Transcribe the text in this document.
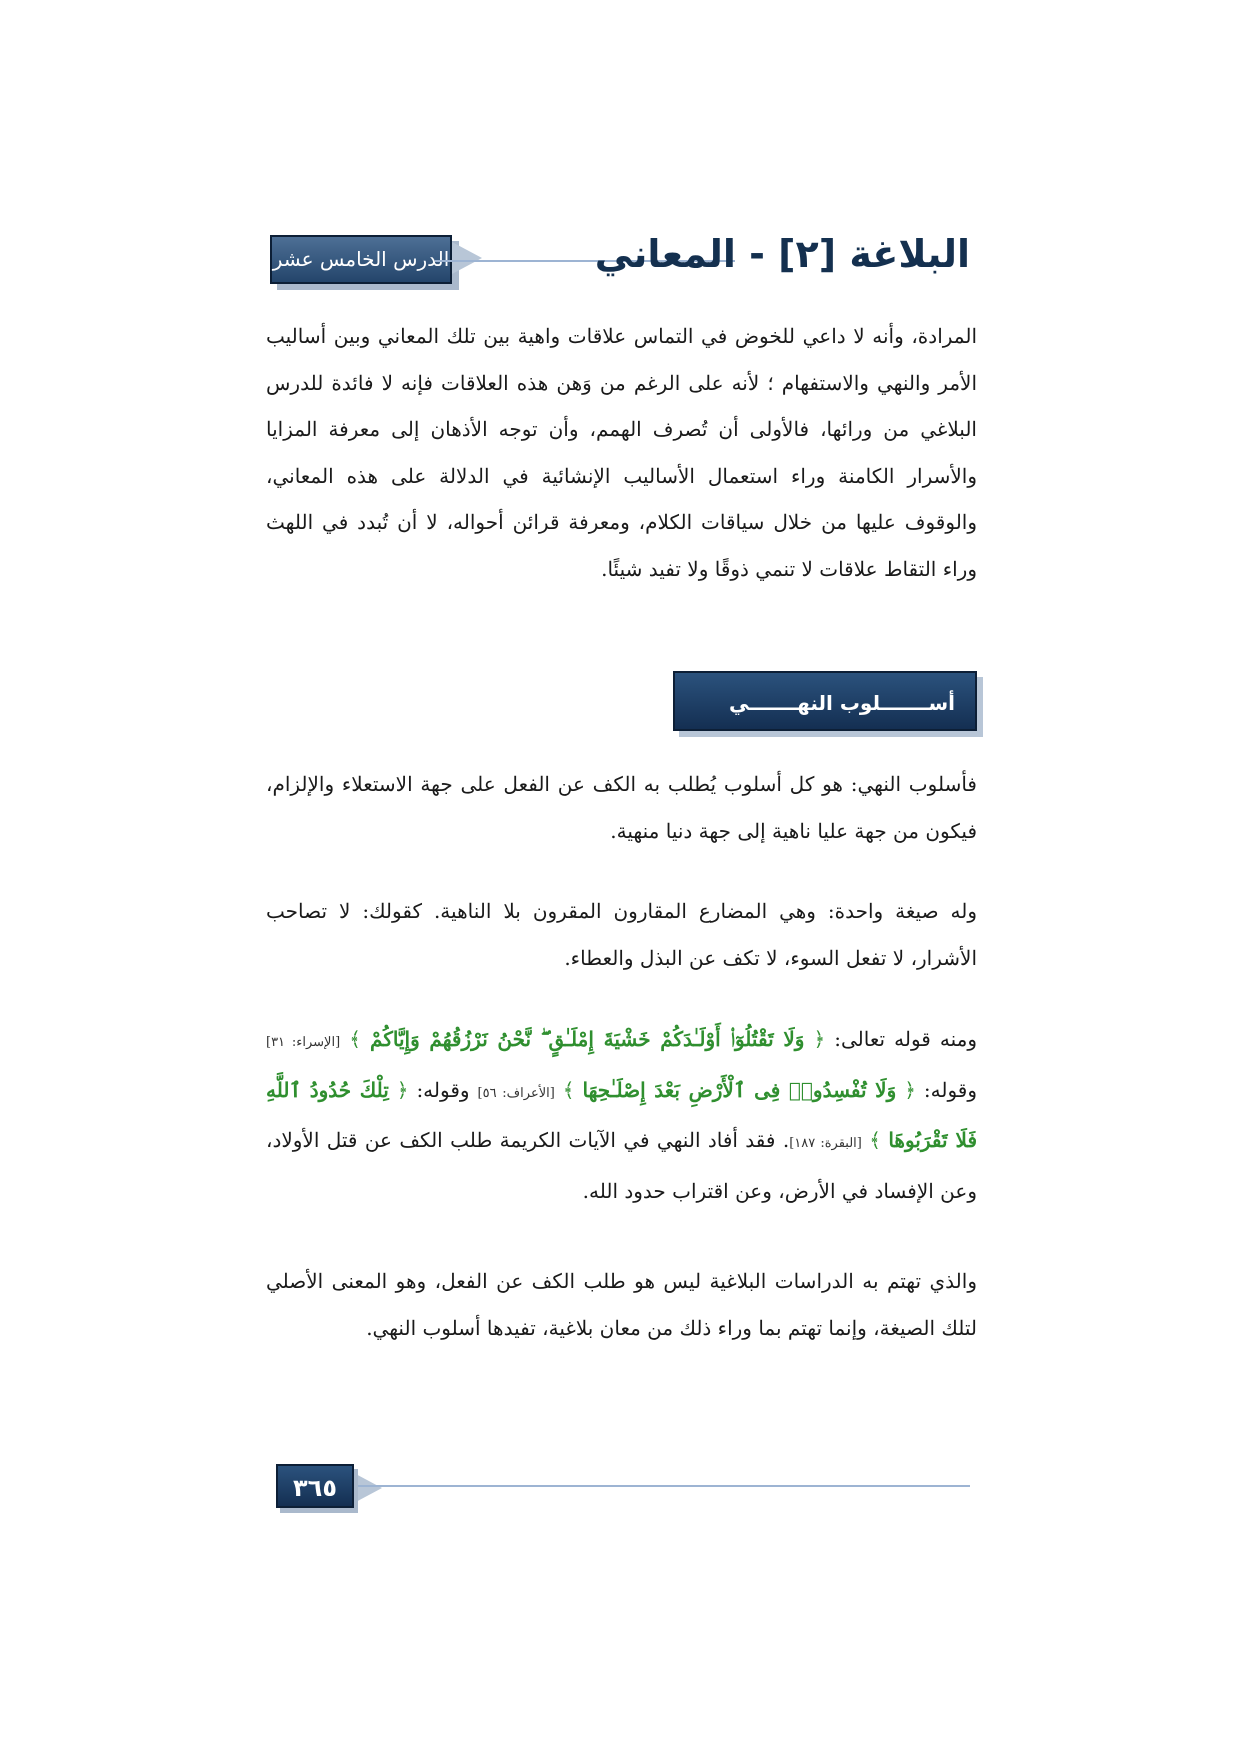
الدرس الخامس عشر	البلاغة [٢] - المعاني
المرادة، وأنه لا داعي للخوض في التماس علاقات واهية بين تلك المعاني وبين أساليب الأمر والنهي والاستفهام ؛ لأنه على الرغم من وَهن هذه العلاقات فإنه لا فائدة للدرس البلاغي من ورائها، فالأولى أن تُصرف الهمم، وأن توجه الأذهان إلى معرفة المزايا والأسرار الكامنة وراء استعمال الأساليب الإنشائية في الدلالة على هذه المعاني، والوقوف عليها من خلال سياقات الكلام، ومعرفة قرائن أحواله، لا أن تُبدد في اللهث وراء التقاط علاقات لا تنمي ذوقًا ولا تفيد شيئًا.
أســـــــلوب النهـــــــي
فأسلوب النهي: هو كل أسلوب يُطلب به الكف عن الفعل على جهة الاستعلاء والإلزام، فيكون من جهة عليا ناهية إلى جهة دنيا منهية.
وله صيغة واحدة: وهي المضارع المقارون المقرون بلا الناهية. كقولك: لا تصاحب الأشرار، لا تفعل السوء، لا تكف عن البذل والعطاء.
ومنه قوله تعالى: ﴿ وَلَا تَقْتُلُوٓا۟ أَوْلَـٰدَكُمْ خَشْيَةَ إِمْلَـٰقٍ ۖ نَّحْنُ نَرْزُقُهُمْ وَإِيَّاكُمْ ﴾ [الإسراء: ٣١] وقوله: ﴿ وَلَا تُفْسِدُوا۟ فِى ٱلْأَرْضِ بَعْدَ إِصْلَـٰحِهَا ﴾ [الأعراف: ٥٦] وقوله: ﴿ تِلْكَ حُدُودُ ٱللَّهِ فَلَا تَقْرَبُوهَا ﴾ [البقرة: ١٨٧]. فقد أفاد النهي في الآيات الكريمة طلب الكف عن قتل الأولاد، وعن الإفساد في الأرض، وعن اقتراب حدود الله.
والذي تهتم به الدراسات البلاغية ليس هو طلب الكف عن الفعل، وهو المعنى الأصلي لتلك الصيغة، وإنما تهتم بما وراء ذلك من معان بلاغية، تفيدها أسلوب النهي.
٣٦٥
